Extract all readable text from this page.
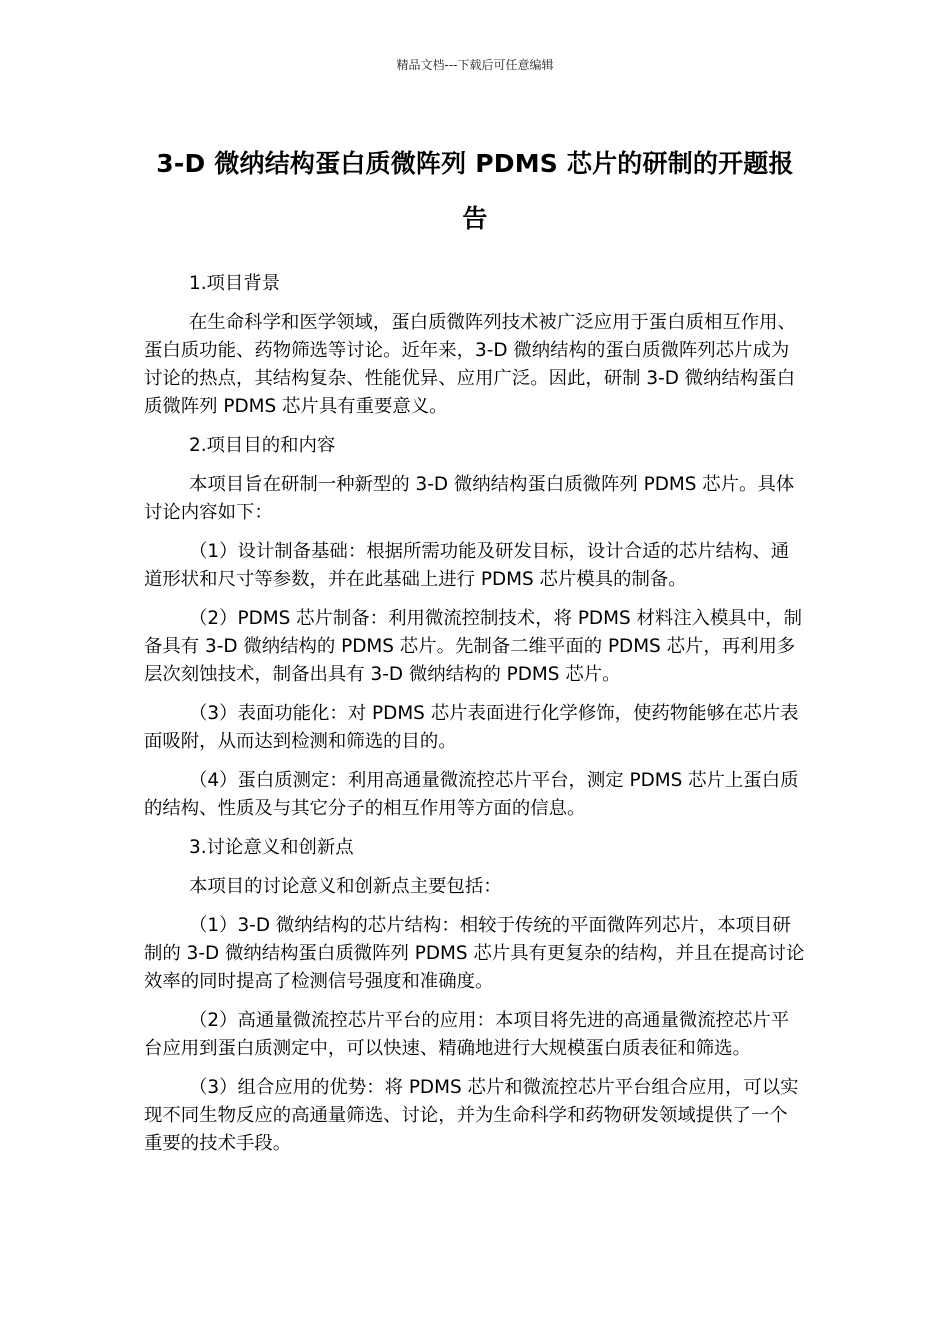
精品文档---下载后可任意编辑
3-D 微纳结构蛋白质微阵列 PDMS 芯片的研制的开题报告
1.项目背景
在生命科学和医学领域，蛋白质微阵列技术被广泛应用于蛋白质相互作用、蛋白质功能、药物筛选等讨论。近年来，3-D 微纳结构的蛋白质微阵列芯片成为讨论的热点，其结构复杂、性能优异、应用广泛。因此，研制 3-D 微纳结构蛋白质微阵列 PDMS 芯片具有重要意义。
2.项目目的和内容
本项目旨在研制一种新型的 3-D 微纳结构蛋白质微阵列 PDMS 芯片。具体讨论内容如下：
（1）设计制备基础：根据所需功能及研发目标，设计合适的芯片结构、通道形状和尺寸等参数，并在此基础上进行 PDMS 芯片模具的制备。
（2）PDMS 芯片制备：利用微流控制技术，将 PDMS 材料注入模具中，制备具有 3-D 微纳结构的 PDMS 芯片。先制备二维平面的 PDMS 芯片，再利用多层次刻蚀技术，制备出具有 3-D 微纳结构的 PDMS 芯片。
（3）表面功能化：对 PDMS 芯片表面进行化学修饰，使药物能够在芯片表面吸附，从而达到检测和筛选的目的。
（4）蛋白质测定：利用高通量微流控芯片平台，测定 PDMS 芯片上蛋白质的结构、性质及与其它分子的相互作用等方面的信息。
3.讨论意义和创新点
本项目的讨论意义和创新点主要包括：
（1）3-D 微纳结构的芯片结构：相较于传统的平面微阵列芯片，本项目研制的 3-D 微纳结构蛋白质微阵列 PDMS 芯片具有更复杂的结构，并且在提高讨论效率的同时提高了检测信号强度和准确度。
（2）高通量微流控芯片平台的应用：本项目将先进的高通量微流控芯片平台应用到蛋白质测定中，可以快速、精确地进行大规模蛋白质表征和筛选。
（3）组合应用的优势：将 PDMS 芯片和微流控芯片平台组合应用，可以实现不同生物反应的高通量筛选、讨论，并为生命科学和药物研发领域提供了一个重要的技术手段。
